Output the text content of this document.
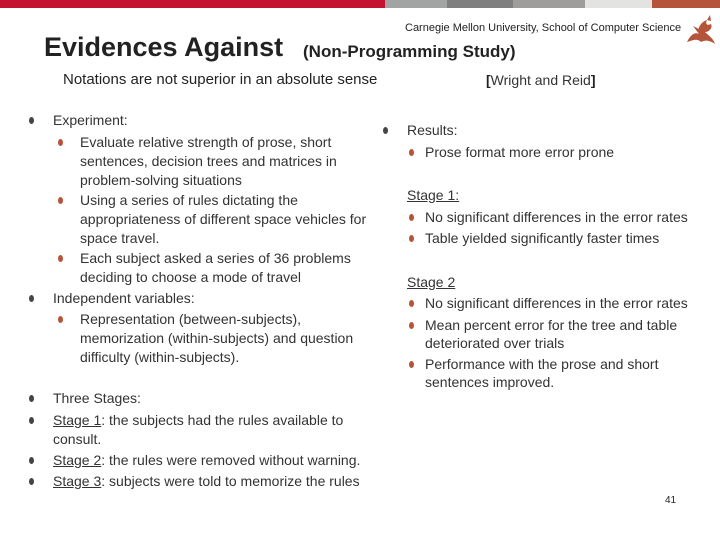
Carnegie Mellon University, School of Computer Science
Evidences Against (Non-Programming Study)
Notations are not superior in an absolute sense	[Wright and Reid]
Experiment:
Evaluate relative strength of prose, short
sentences, decision trees and matrices in
problem-solving situations
Using a series of rules dictating the
appropriateness of different space vehicles for
space travel.
Each subject asked a series of 36 problems
deciding to choose a mode of travel
Independent variables:
Representation (between-subjects),
memorization (within-subjects) and question
difficulty (within-subjects).
Three Stages:
Stage 1: the subjects had the rules available to
consult.
Stage 2: the rules were removed without warning.
Stage 3: subjects were told to memorize the rules
Results:
Prose format more error prone
Stage 1:
No significant differences in the error rates
Table yielded significantly faster times
Stage 2
No significant differences in the error rates
Mean percent error for the tree and table
deteriorated over trials
Performance with the prose and short
sentences improved.
41
